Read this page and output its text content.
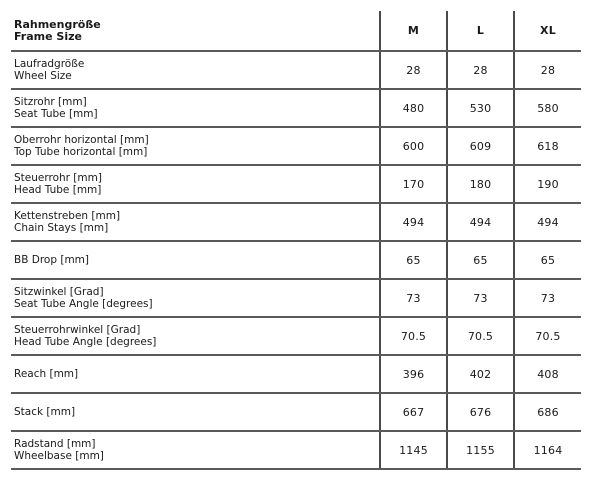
Rahmengröße
Frame Size	M	L	XL

Laufradgröße
Wheel Size	28	28	28

Sitzrohr [mm]
Seat Tube [mm]	480	530	580

Oberrohr horizontal [mm]
Top Tube horizontal [mm]	600	609	618

Steuerrohr [mm]
Head Tube [mm]	170	180	190

Kettenstreben [mm]
Chain Stays [mm]	494	494	494

BB Drop [mm]	65	65	65

Sitzwinkel [Grad]
Seat Tube Angle [degrees]	73	73	73

Steuerrohrwinkel [Grad]
Head Tube Angle [degrees]	70.5	70.5	70.5

Reach [mm]	396	402	408

Stack [mm]	667	676	686

Radstand [mm]
Wheelbase [mm]	1145	1155	1164
